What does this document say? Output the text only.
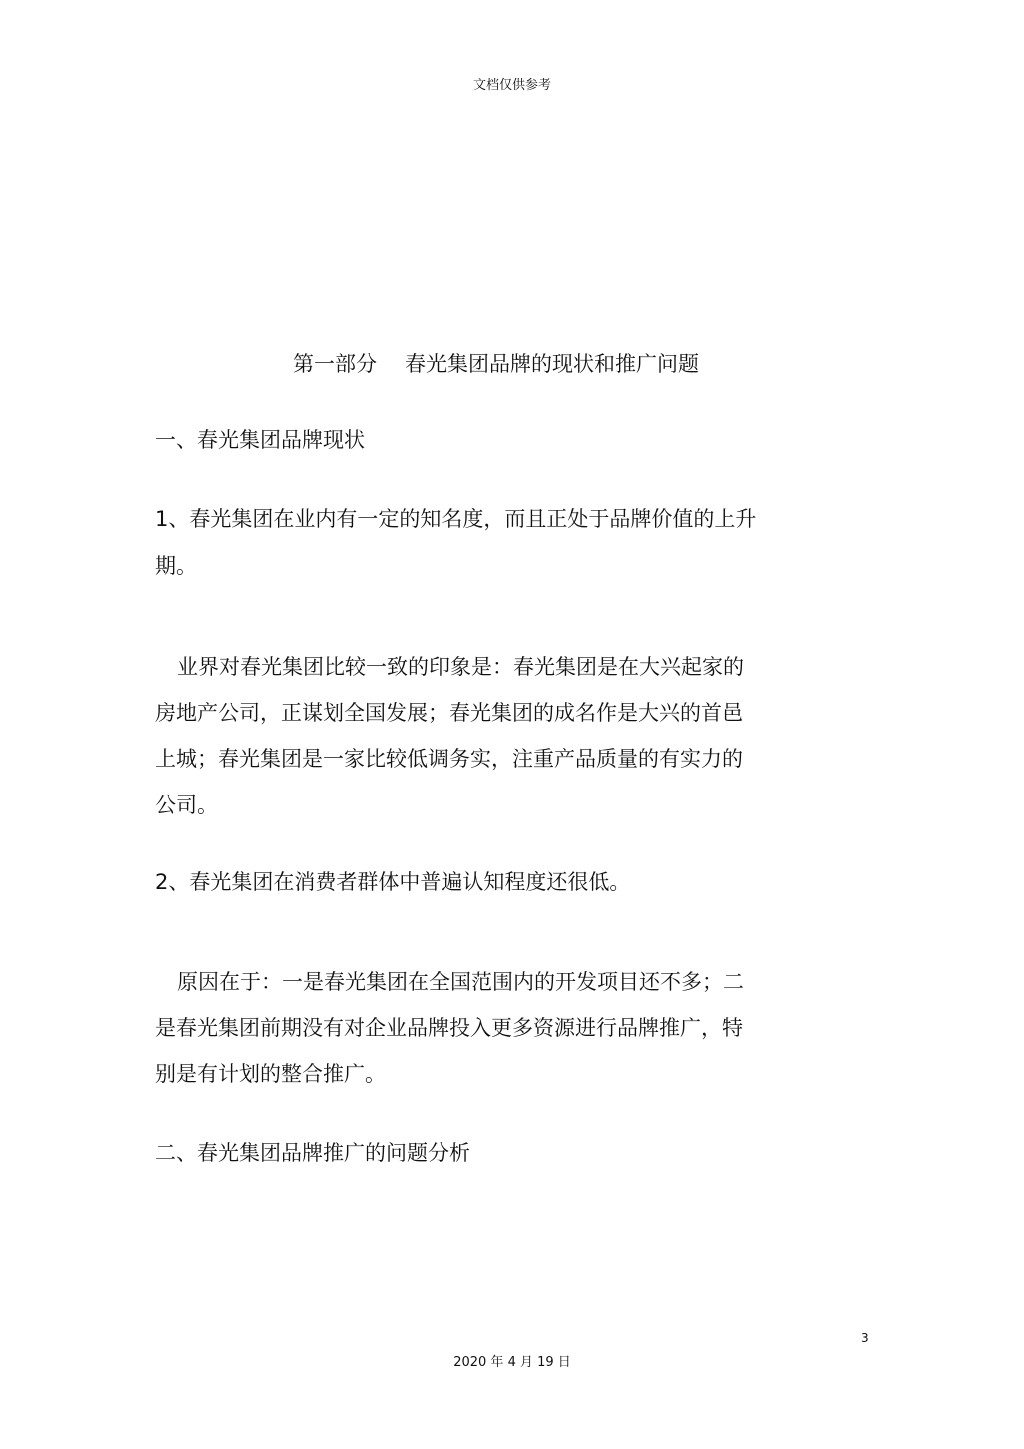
文档仅供参考
第一部分 春光集团品牌的现状和推广问题
一、春光集团品牌现状
1、春光集团在业内有一定的知名度，而且正处于品牌价值的上升
期。
业界对春光集团比较一致的印象是：春光集团是在大兴起家的
房地产公司，正谋划全国发展；春光集团的成名作是大兴的首邑
上城；春光集团是一家比较低调务实，注重产品质量的有实力的
公司。
2、春光集团在消费者群体中普遍认知程度还很低。
原因在于：一是春光集团在全国范围内的开发项目还不多；二
是春光集团前期没有对企业品牌投入更多资源进行品牌推广，特
别是有计划的整合推广。
二、春光集团品牌推广的问题分析
3
2020 年 4 月 19 日
